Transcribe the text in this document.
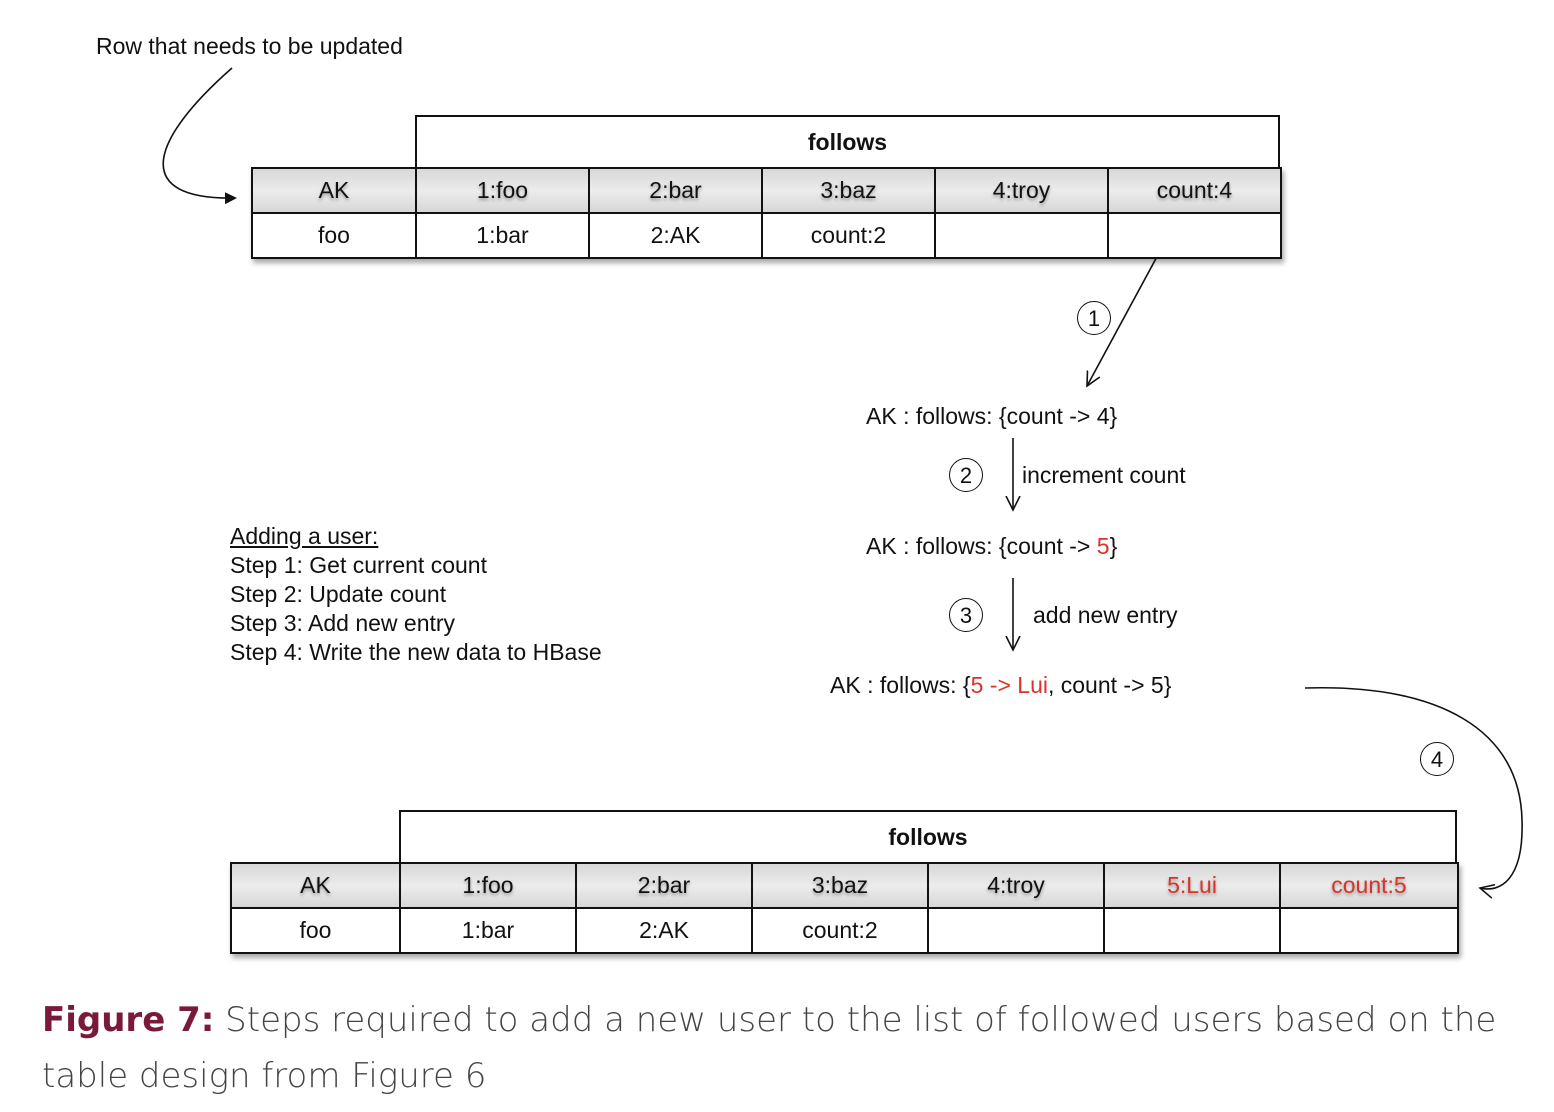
Row that needs to be updated
follows
AK	1:foo	2:bar	3:baz	4:troy	count:4
foo	1:bar	2:AK	count:2		
1
2
3
4
AK : follows: {count -> 4}
increment count
AK : follows: {count -> 5}
add new entry
AK : follows: {5 -> Lui, count -> 5}
Adding a user:
Step 1: Get current count
Step 2: Update count
Step 3: Add new entry
Step 4: Write the new data to HBase
follows
AK	1:foo	2:bar	3:baz	4:troy	5:Lui	count:5
foo	1:bar	2:AK	count:2			
Figure 7: Steps required to add a new user to the list of followed users based on the table design from Figure 6
